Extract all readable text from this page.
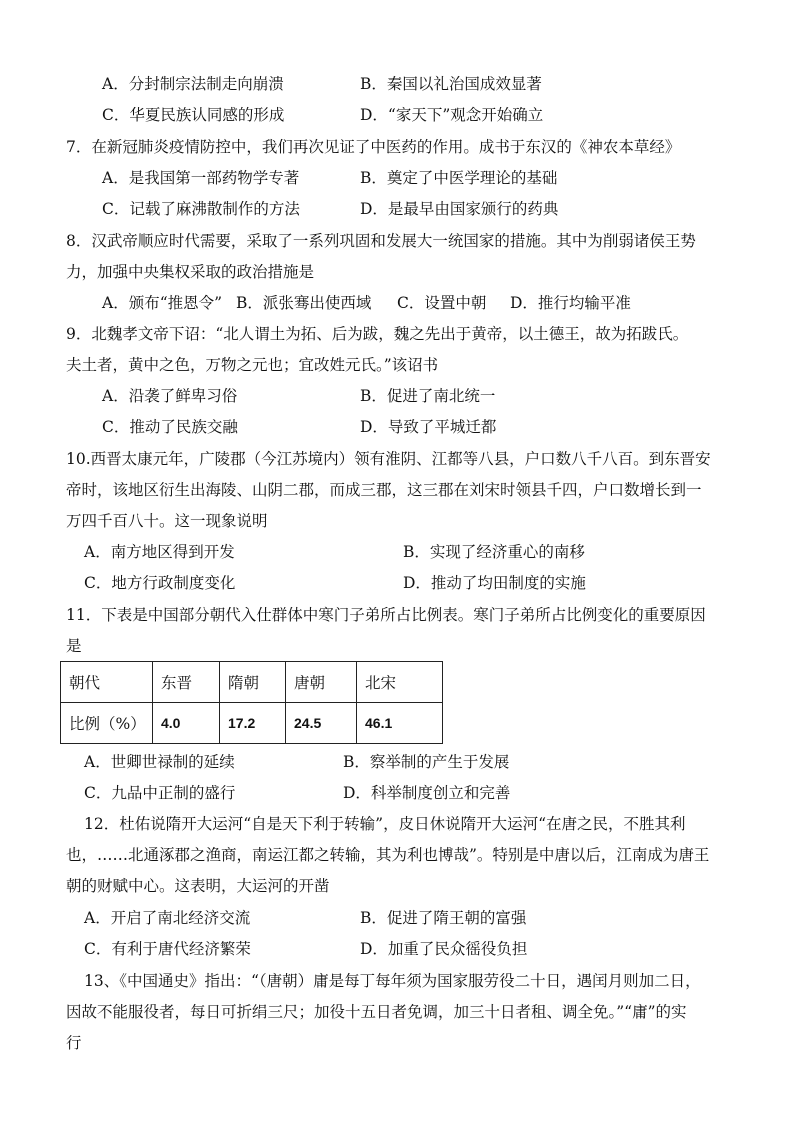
A．分封制宗法制走向崩溃	B．秦国以礼治国成效显著
C．华夏民族认同感的形成	D．“家天下”观念开始确立
7．在新冠肺炎疫情防控中，我们再次见证了中医药的作用。成书于东汉的《神农本草经》
A．是我国第一部药物学专著	B．奠定了中医学理论的基础
C．记载了麻沸散制作的方法	D．是最早由国家颁行的药典
8．汉武帝顺应时代需要，采取了一系列巩固和发展大一统国家的措施。其中为削弱诸侯王势
力，加强中央集权采取的政治措施是
A．颁布“推恩令” B．派张骞出使西域 C．设置中朝 D．推行均输平准
9．北魏孝文帝下诏：“北人谓土为拓、后为跋，魏之先出于黄帝，以土德王，故为拓跋氏。
夫土者，黄中之色，万物之元也；宜改姓元氏。”该诏书
A．沿袭了鲜卑习俗	B．促进了南北统一
C．推动了民族交融	D．导致了平城迁都
10.西晋太康元年，广陵郡（今江苏境内）领有淮阴、江都等八县，户口数八千八百。到东晋安
帝时，该地区衍生出海陵、山阴二郡，而成三郡，这三郡在刘宋时领县千四，户口数增长到一
万四千百八十。这一现象说明
A．南方地区得到开发	B．实现了经济重心的南移
C．地方行政制度变化	D．推动了均田制度的实施
11．下表是中国部分朝代入仕群体中寒门子弟所占比例表。寒门子弟所占比例变化的重要原因
是
朝代	东晋	隋朝	唐朝	北宋
比例（%）	4.0	17.2	24.5	46.1
A．世卿世禄制的延续	B．察举制的产生于发展
C．九品中正制的盛行	D．科举制度创立和完善
12．杜佑说隋开大运河“自是天下利于转输”，皮日休说隋开大运河“在唐之民，不胜其利
也，……北通涿郡之渔商，南运江都之转输，其为利也博哉”。特别是中唐以后，江南成为唐王
朝的财赋中心。这表明，大运河的开凿
A．开启了南北经济交流	B．促进了隋王朝的富强
C．有利于唐代经济繁荣	D．加重了民众徭役负担
13、《中国通史》指出：“（唐朝）庸是每丁每年须为国家服劳役二十日，遇闰月则加二日，
因故不能服役者，每日可折绢三尺；加役十五日者免调，加三十日者租、调全免。”“庸”的实
行
